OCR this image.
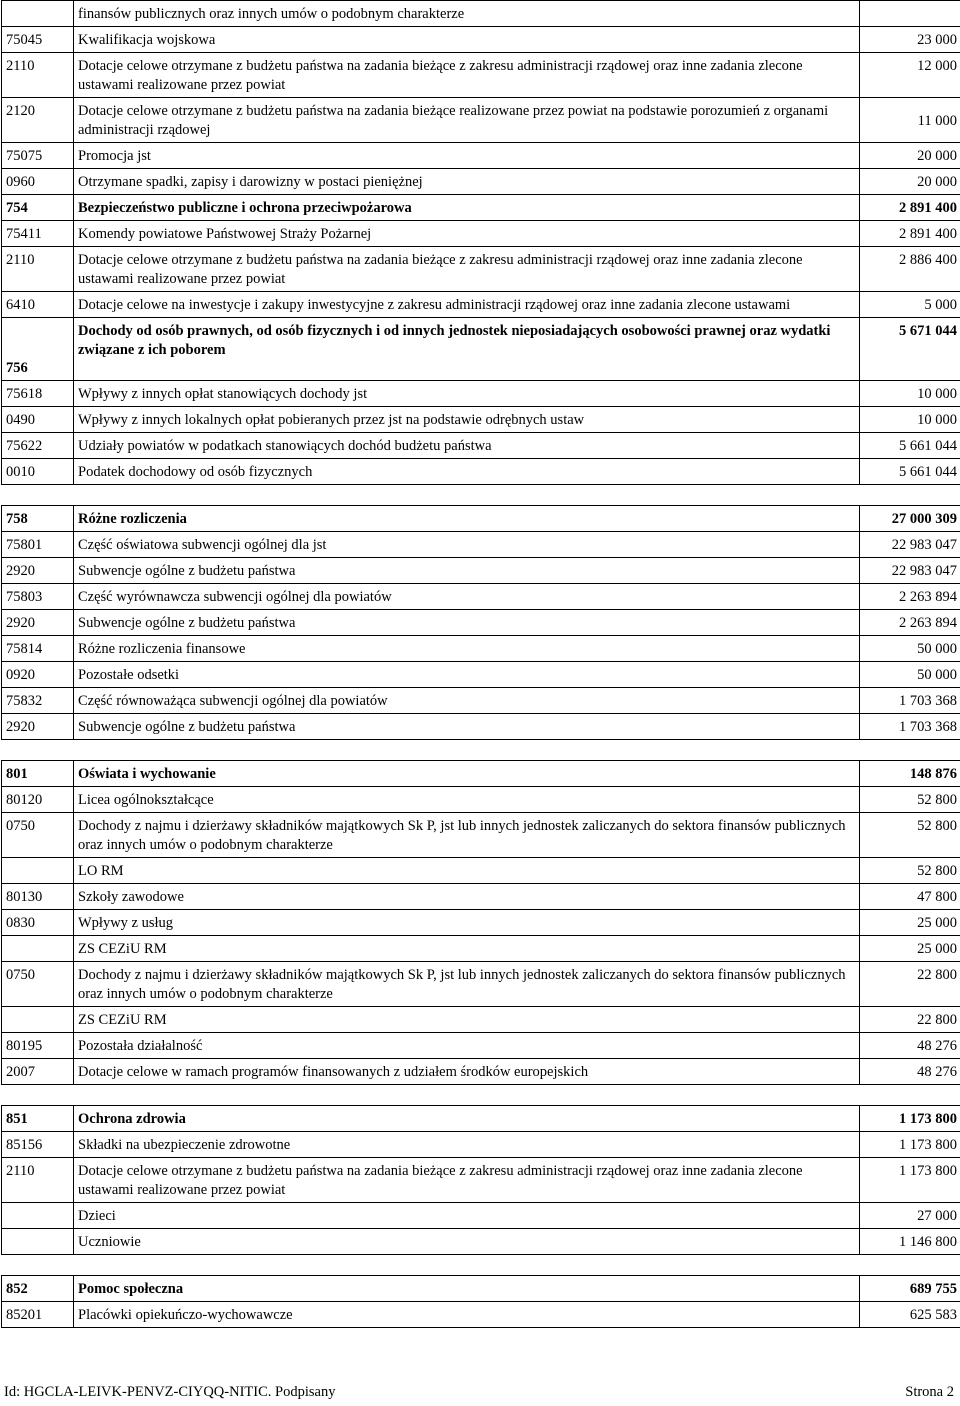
	finansów publicznych oraz innych umów o podobnym charakterze	
75045	Kwalifikacja wojskowa	23 000
2110	Dotacje celowe otrzymane z budżetu państwa na zadania bieżące z zakresu administracji rządowej oraz inne zadania zlecone ustawami realizowane przez powiat	12 000
2120	Dotacje celowe otrzymane z budżetu państwa na zadania bieżące realizowane przez powiat na podstawie porozumień z organami administracji rządowej	11 000
75075	Promocja jst	20 000
0960	Otrzymane spadki, zapisy i darowizny w postaci pieniężnej	20 000
754	Bezpieczeństwo publiczne i ochrona przeciwpożarowa	2 891 400
75411	Komendy powiatowe Państwowej Straży Pożarnej	2 891 400
2110	Dotacje celowe otrzymane z budżetu państwa na zadania bieżące z zakresu administracji rządowej oraz inne zadania zlecone ustawami realizowane przez powiat	2 886 400
6410	Dotacje celowe na inwestycje i zakupy inwestycyjne z zakresu administracji rządowej oraz inne zadania zlecone ustawami	5 000
756	Dochody od osób prawnych, od osób fizycznych i od innych jednostek nieposiadających osobowości prawnej oraz wydatki związane z ich poborem	5 671 044
75618	Wpływy z innych opłat stanowiących dochody jst	10 000
0490	Wpływy z innych lokalnych opłat pobieranych przez jst na podstawie odrębnych ustaw	10 000
75622	Udziały powiatów w podatkach stanowiących dochód budżetu państwa	5 661 044
0010	Podatek dochodowy od osób fizycznych	5 661 044
758	Różne rozliczenia	27 000 309
75801	Część oświatowa subwencji ogólnej dla jst	22 983 047
2920	Subwencje ogólne z budżetu państwa	22 983 047
75803	Część wyrównawcza subwencji ogólnej dla powiatów	2 263 894
2920	Subwencje ogólne z budżetu państwa	2 263 894
75814	Różne rozliczenia finansowe	50 000
0920	Pozostałe odsetki	50 000
75832	Część równoważąca subwencji ogólnej dla powiatów	1 703 368
2920	Subwencje ogólne z budżetu państwa	1 703 368
801	Oświata i wychowanie	148 876
80120	Licea ogólnokształcące	52 800
0750	Dochody z najmu i dzierżawy składników majątkowych Sk P, jst lub innych jednostek zaliczanych do sektora finansów publicznych oraz innych umów o podobnym charakterze	52 800
	LO RM	52 800
80130	Szkoły zawodowe	47 800
0830	Wpływy z usług	25 000
	ZS CEZiU RM	25 000
0750	Dochody z najmu i dzierżawy składników majątkowych Sk P, jst lub innych jednostek zaliczanych do sektora finansów publicznych oraz innych umów o podobnym charakterze	22 800
	ZS CEZiU RM	22 800
80195	Pozostała działalność	48 276
2007	Dotacje celowe w ramach programów finansowanych z udziałem środków europejskich	48 276
851	Ochrona zdrowia	1 173 800
85156	Składki na ubezpieczenie zdrowotne	1 173 800
2110	Dotacje celowe otrzymane z budżetu państwa na zadania bieżące z zakresu administracji rządowej oraz inne zadania zlecone ustawami realizowane przez powiat	1 173 800
	Dzieci	27 000
	Uczniowie	1 146 800
852	Pomoc społeczna	689 755
85201	Placówki opiekuńczo-wychowawcze	625 583
Id: HGCLA-LEIVK-PENVZ-CIYQQ-NITIC. Podpisany	Strona 2
